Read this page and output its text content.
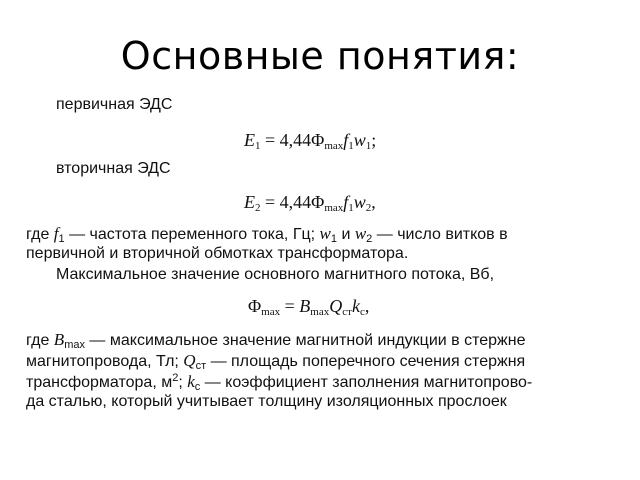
Основные понятия:
первичная ЭДС
$E_1 = 4,44\Phi_{max}f_1w_1$;
вторичная ЭДС
$E_2 = 4,44\Phi_{max}f_1w_2$,
где $f_1$ — частота переменного тока, Гц; $w_1$ и $w_2$ — число витков в
первичной и вторичной обмотках трансформатора.
Максимальное значение основного магнитного потока, Вб,
$\Phi_{max} = B_{max}Q_{ст}k_c$,
где $B_{max}$ — максимальное значение магнитной индукции в стержне
магнитопровода, Тл; $Q_{ст}$ — площадь поперечного сечения стержня
трансформатора, $м^2$; $k_c$ — коэффициент заполнения магнитопрово-
да сталью, который учитывает толщину изоляционных прослоек
